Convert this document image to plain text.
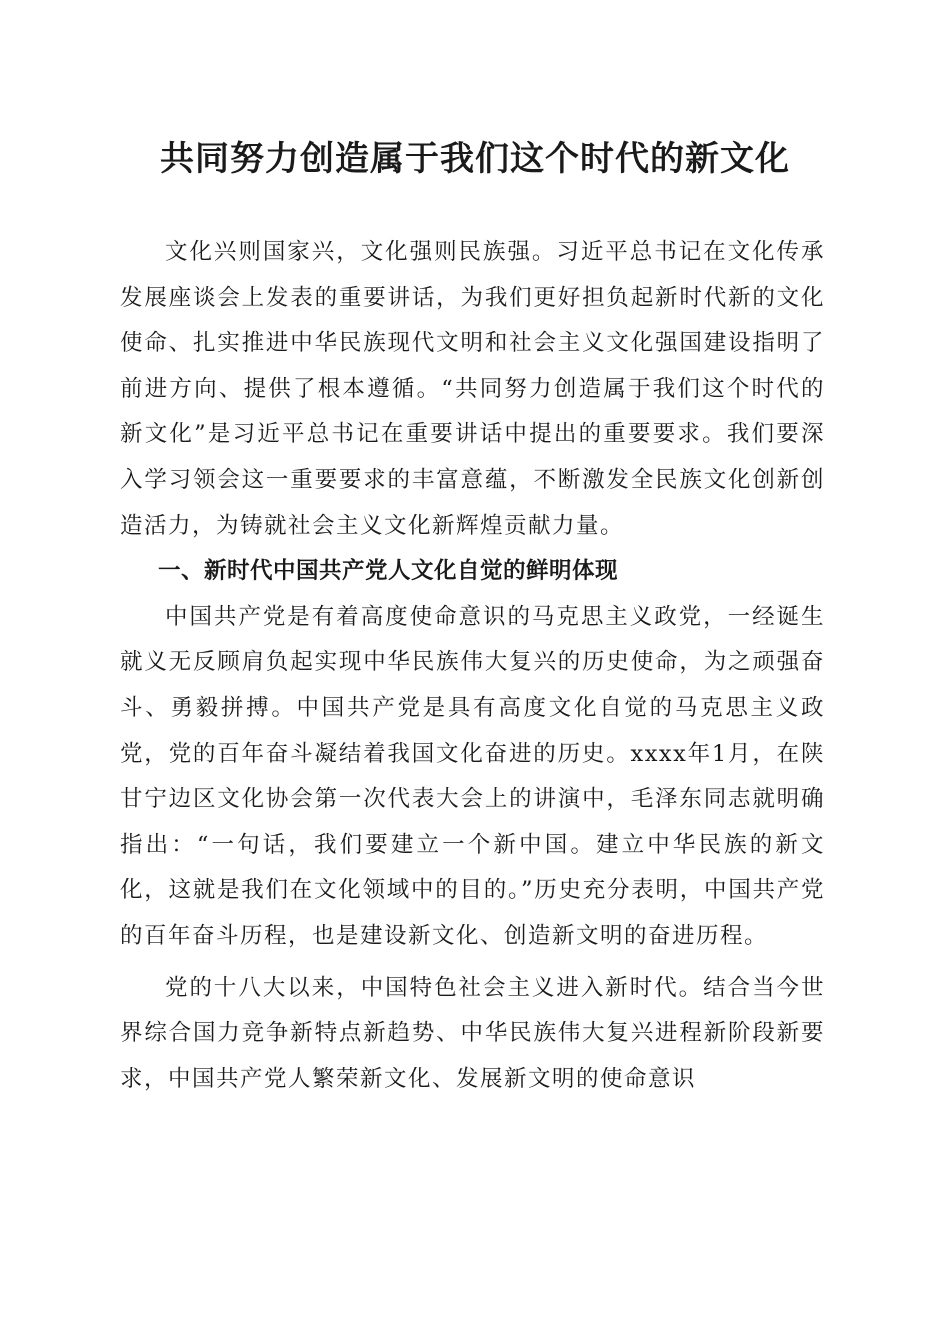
共同努力创造属于我们这个时代的新文化

文化兴则国家兴，文化强则民族强。习近平总书记在文化传承发展座谈会上发表的重要讲话，为我们更好担负起新时代新的文化使命、扎实推进中华民族现代文明和社会主义文化强国建设指明了前进方向、提供了根本遵循。“共同努力创造属于我们这个时代的新文化”是习近平总书记在重要讲话中提出的重要要求。我们要深入学习领会这一重要要求的丰富意蕴，不断激发全民族文化创新创造活力，为铸就社会主义文化新辉煌贡献力量。

一、新时代中国共产党人文化自觉的鲜明体现

中国共产党是有着高度使命意识的马克思主义政党，一经诞生就义无反顾肩负起实现中华民族伟大复兴的历史使命，为之顽强奋斗、勇毅拼搏。中国共产党是具有高度文化自觉的马克思主义政党，党的百年奋斗凝结着我国文化奋进的历史。xxxx年1月，在陕甘宁边区文化协会第一次代表大会上的讲演中，毛泽东同志就明确指出：“一句话，我们要建立一个新中国。建立中华民族的新文化，这就是我们在文化领域中的目的。”历史充分表明，中国共产党的百年奋斗历程，也是建设新文化、创造新文明的奋进历程。

党的十八大以来，中国特色社会主义进入新时代。结合当今世界综合国力竞争新特点新趋势、中华民族伟大复兴进程新阶段新要求，中国共产党人繁荣新文化、发展新文明的使命意识
